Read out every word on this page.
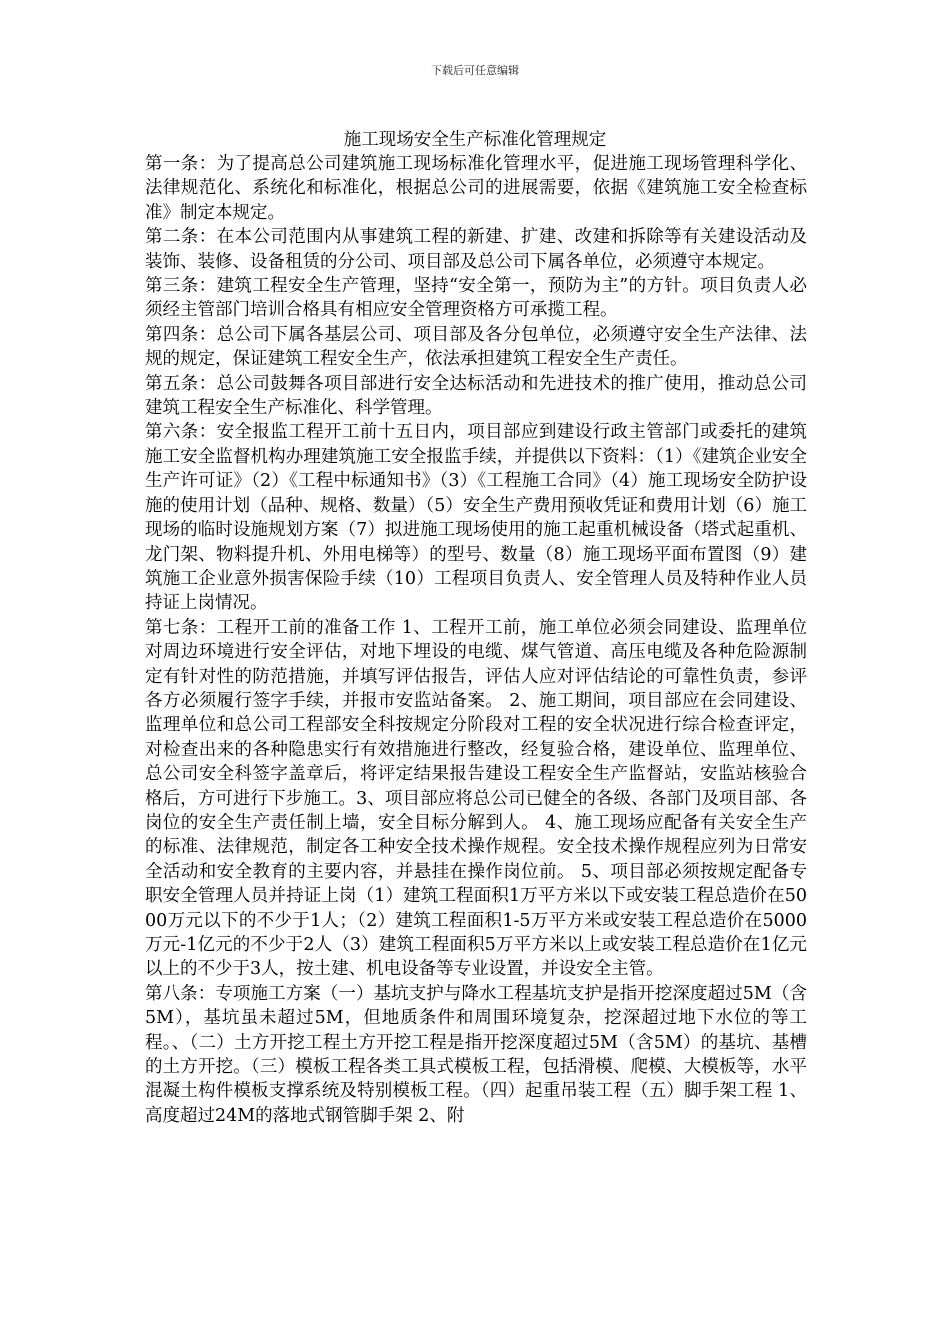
下载后可任意编辑
施工现场安全生产标准化管理规定

第一条：为了提高总公司建筑施工现场标准化管理水平，促进施工现场管理科学化、法律规范化、系统化和标准化，根据总公司的进展需要，依据《建筑施工安全检查标准》制定本规定。

第二条：在本公司范围内从事建筑工程的新建、扩建、改建和拆除等有关建设活动及装饰、装修、设备租赁的分公司、项目部及总公司下属各单位，必须遵守本规定。

第三条：建筑工程安全生产管理，坚持“安全第一，预防为主”的方针。项目负责人必须经主管部门培训合格具有相应安全管理资格方可承揽工程。

第四条：总公司下属各基层公司、项目部及各分包单位，必须遵守安全生产法律、法规的规定，保证建筑工程安全生产，依法承担建筑工程安全生产责任。

第五条：总公司鼓舞各项目部进行安全达标活动和先进技术的推广使用，推动总公司建筑工程安全生产标准化、科学管理。

第六条：安全报监工程开工前十五日内，项目部应到建设行政主管部门或委托的建筑施工安全监督机构办理建筑施工安全报监手续，并提供以下资料：（1）《建筑企业安全生产许可证》（2）《工程中标通知书》（3）《工程施工合同》（4）施工现场安全防护设施的使用计划（品种、规格、数量）（5）安全生产费用预收凭证和费用计划（6）施工现场的临时设施规划方案（7）拟进施工现场使用的施工起重机械设备（塔式起重机、龙门架、物料提升机、外用电梯等）的型号、数量（8）施工现场平面布置图（9）建筑施工企业意外损害保险手续（10）工程项目负责人、安全管理人员及特种作业人员持证上岗情况。

第七条：工程开工前的准备工作 1、工程开工前，施工单位必须会同建设、监理单位对周边环境进行安全评估，对地下埋设的电缆、煤气管道、高压电缆及各种危险源制定有针对性的防范措施，并填写评估报告，评估人应对评估结论的可靠性负责，参评各方必须履行签字手续，并报市安监站备案。 2、施工期间，项目部应在会同建设、监理单位和总公司工程部安全科按规定分阶段对工程的安全状况进行综合检查评定，对检查出来的各种隐患实行有效措施进行整改，经复验合格，建设单位、监理单位、总公司安全科签字盖章后，将评定结果报告建设工程安全生产监督站，安监站核验合格后，方可进行下步施工。3、项目部应将总公司已健全的各级、各部门及项目部、各岗位的安全生产责任制上墙，安全目标分解到人。 4、施工现场应配备有关安全生产的标准、法律规范，制定各工种安全技术操作规程。安全技术操作规程应列为日常安全活动和安全教育的主要内容，并悬挂在操作岗位前。 5、项目部必须按规定配备专职安全管理人员并持证上岗（1）建筑工程面积1万平方米以下或安装工程总造价在5000万元以下的不少于1人；（2）建筑工程面积1-5万平方米或安装工程总造价在5000万元-1亿元的不少于2人（3）建筑工程面积5万平方米以上或安装工程总造价在1亿元以上的不少于3人，按土建、机电设备等专业设置，并设安全主管。

第八条：专项施工方案（一）基坑支护与降水工程基坑支护是指开挖深度超过5M（含5M），基坑虽未超过5M，但地质条件和周围环境复杂，挖深超过地下水位的等工程。、（二）土方开挖工程土方开挖工程是指开挖深度超过5M（含5M）的基坑、基槽的土方开挖。（三）模板工程各类工具式模板工程，包括滑模、爬模、大模板等，水平混凝土构件模板支撑系统及特别模板工程。（四）起重吊装工程（五）脚手架工程 1、高度超过24M的落地式钢管脚手架 2、附
